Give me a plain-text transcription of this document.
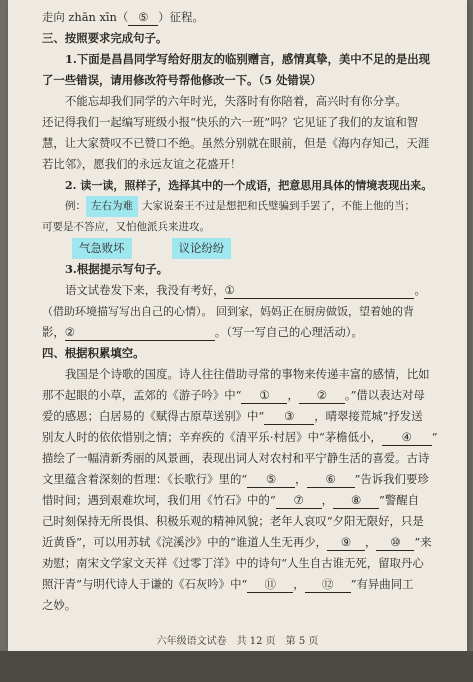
走向 zhān xīn（ ⑤ ）征程。
三、按照要求完成句子。
1.下面是昌昌同学写给好朋友的临别赠言，感情真挚，美中不足的是出现
了一些错误，请用修改符号帮他修改一下。（5 处错误）
不能忘却我们同学的六年时光，失落时有你陪着，高兴时有你分享。
还记得我们一起编写班级小报“快乐的六一班”吗？它见证了我们的友谊和智
慧，让大家赞叹不已赞口不绝。虽然分别就在眼前，但是《海内存知己，天涯
若比邻》，愿我们的永远友谊之花盛开！
2. 读一读，照样子，选择其中的一个成语，把意思用具体的情境表现出来。
例： 左右为难 大家说秦王不过是想把和氏璧骗到手罢了，不能上他的当；
可要是不答应，又怕他派兵来进攻。
气急败坏	议论纷纷
3.根据提示写句子。
语文试卷发下来，我没有考好，①	。
（借助环境描写写出自己的心情）。 回到家，妈妈正在厨房做饭，望着她的背
影，②	。（写一写自己的心理活动）。
四、根据积累填空。
我国是个诗歌的国度。诗人往往借助寻常的事物来传递丰富的感情，比如
那不起眼的小草，孟郊的《游子吟》中“ ① ， ② 。”借以表达对母
爱的感恩；白居易的《赋得古原草送别》中“ ③ ，晴翠接荒城”抒发送
别友人时的依依惜别之情；辛弃疾的《清平乐·村居》中“茅檐低小， ④ ”
描绘了一幅清新秀丽的风景画，表现出词人对农村和平宁静生活的喜爱。古诗
文里蕴含着深刻的哲理：《长歌行》里的“ ⑤ ， ⑥ ”告诉我们要珍
惜时间；遇到艰难坎坷，我们用《竹石》中的“ ⑦ ， ⑧ ”警醒自
己时刻保持无所畏惧、积极乐观的精神风貌；老年人哀叹“夕阳无限好，只是
近黄昏”，可以用苏轼《浣溪沙》中的“谁道人生无再少， ⑨ ， ⑩ ”来
劝慰；南宋文学家文天祥《过零丁洋》中的诗句“人生自古谁无死，留取丹心
照汗青”与明代诗人于谦的《石灰吟》中“ ⑪ ， ⑫ ”有异曲同工
之妙。
六年级语文试卷　共 12 页　第 5 页
